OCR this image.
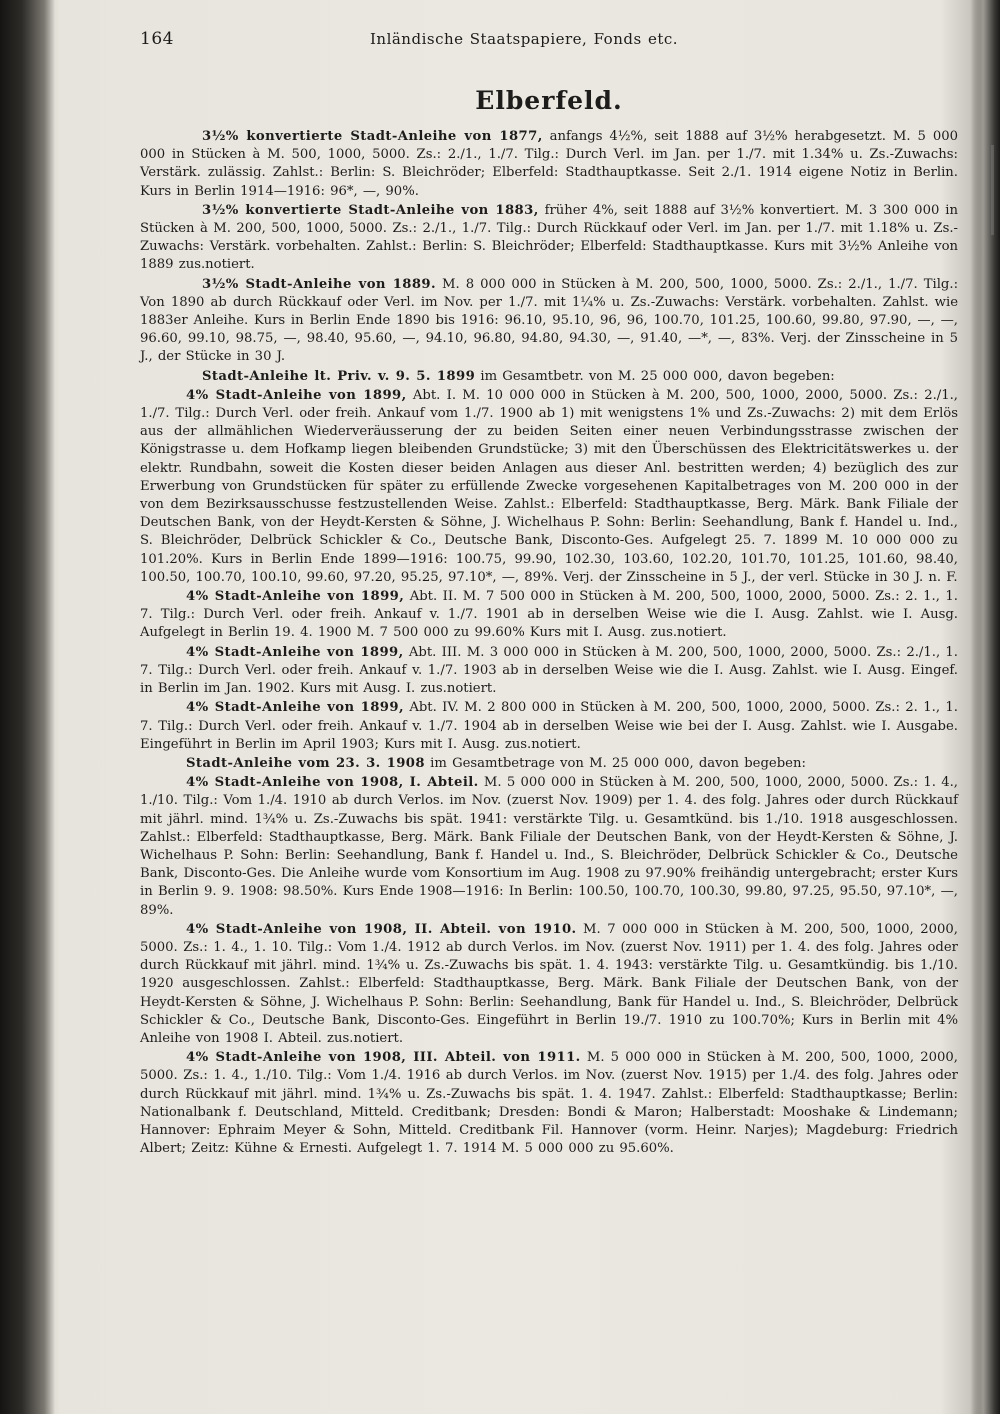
164	Inländische Staatspapiere, Fonds etc.
Elberfeld.

3½% konvertierte Stadt-Anleihe von 1877, anfangs 4½%, seit 1888 auf 3½% herabgesetzt. M. 5 000 000 in Stücken à M. 500, 1000, 5000. Zs.: 2./1., 1./7. Tilg.: Durch Verl. im Jan. per 1./7. mit 1.34% u. Zs.-Zuwachs: Verstärk. zulässig. Zahlst.: Berlin: S. Bleichröder; Elberfeld: Stadthauptkasse. Seit 2./1. 1914 eigene Notiz in Berlin. Kurs in Berlin 1914—1916: 96*, —, 90%.

3½% konvertierte Stadt-Anleihe von 1883, früher 4%, seit 1888 auf 3½% konvertiert. M. 3 300 000 in Stücken à M. 200, 500, 1000, 5000. Zs.: 2./1., 1./7. Tilg.: Durch Rückkauf oder Verl. im Jan. per 1./7. mit 1.18% u. Zs.-Zuwachs: Verstärk. vorbehalten. Zahlst.: Berlin: S. Bleichröder; Elberfeld: Stadthauptkasse. Kurs mit 3½% Anleihe von 1889 zus.notiert.

3½% Stadt-Anleihe von 1889. M. 8 000 000 in Stücken à M. 200, 500, 1000, 5000. Zs.: 2./1., 1./7. Tilg.: Von 1890 ab durch Rückkauf oder Verl. im Nov. per 1./7. mit 1¼% u. Zs.-Zuwachs: Verstärk. vorbehalten. Zahlst. wie 1883er Anleihe. Kurs in Berlin Ende 1890 bis 1916: 96.10, 95.10, 96, 96, 100.70, 101.25, 100.60, 99.80, 97.90, —, —, 96.60, 99.10, 98.75, —, 98.40, 95.60, —, 94.10, 96.80, 94.80, 94.30, —, 91.40, —*, —, 83%. Verj. der Zinsscheine in 5 J., der Stücke in 30 J.

Stadt-Anleihe lt. Priv. v. 9. 5. 1899 im Gesamtbetr. von M. 25 000 000, davon begeben:

4% Stadt-Anleihe von 1899, Abt. I. M. 10 000 000 in Stücken à M. 200, 500, 1000, 2000, 5000. Zs.: 2./1., 1./7. Tilg.: Durch Verl. oder freih. Ankauf vom 1./7. 1900 ab 1) mit wenigstens 1% und Zs.-Zuwachs: 2) mit dem Erlös aus der allmählichen Wiederveräusserung der zu beiden Seiten einer neuen Verbindungsstrasse zwischen der Königstrasse u. dem Hofkamp liegen bleibenden Grundstücke; 3) mit den Überschüssen des Elektricitätswerkes u. der elektr. Rundbahn, soweit die Kosten dieser beiden Anlagen aus dieser Anl. bestritten werden; 4) bezüglich des zur Erwerbung von Grundstücken für später zu erfüllende Zwecke vorgesehenen Kapitalbetrages von M. 200 000 in der von dem Bezirksausschusse festzustellenden Weise. Zahlst.: Elberfeld: Stadthauptkasse, Berg. Märk. Bank Filiale der Deutschen Bank, von der Heydt-Kersten & Söhne, J. Wichelhaus P. Sohn: Berlin: Seehandlung, Bank f. Handel u. Ind., S. Bleichröder, Delbrück Schickler & Co., Deutsche Bank, Disconto-Ges. Aufgelegt 25. 7. 1899 M. 10 000 000 zu 101.20%. Kurs in Berlin Ende 1899—1916: 100.75, 99.90, 102.30, 103.60, 102.20, 101.70, 101.25, 101.60, 98.40, 100.50, 100.70, 100.10, 99.60, 97.20, 95.25, 97.10*, —, 89%. Verj. der Zinsscheine in 5 J., der verl. Stücke in 30 J. n. F.

4% Stadt-Anleihe von 1899, Abt. II. M. 7 500 000 in Stücken à M. 200, 500, 1000, 2000, 5000. Zs.: 2. 1., 1. 7. Tilg.: Durch Verl. oder freih. Ankauf v. 1./7. 1901 ab in derselben Weise wie die I. Ausg. Zahlst. wie I. Ausg. Aufgelegt in Berlin 19. 4. 1900 M. 7 500 000 zu 99.60% Kurs mit I. Ausg. zus.notiert.

4% Stadt-Anleihe von 1899, Abt. III. M. 3 000 000 in Stücken à M. 200, 500, 1000, 2000, 5000. Zs.: 2./1., 1. 7. Tilg.: Durch Verl. oder freih. Ankauf v. 1./7. 1903 ab in derselben Weise wie die I. Ausg. Zahlst. wie I. Ausg. Eingef. in Berlin im Jan. 1902. Kurs mit Ausg. I. zus.notiert.

4% Stadt-Anleihe von 1899, Abt. IV. M. 2 800 000 in Stücken à M. 200, 500, 1000, 2000, 5000. Zs.: 2. 1., 1. 7. Tilg.: Durch Verl. oder freih. Ankauf v. 1./7. 1904 ab in derselben Weise wie bei der I. Ausg. Zahlst. wie I. Ausgabe. Eingeführt in Berlin im April 1903; Kurs mit I. Ausg. zus.notiert.

Stadt-Anleihe vom 23. 3. 1908 im Gesamtbetrage von M. 25 000 000, davon begeben:

4% Stadt-Anleihe von 1908, I. Abteil. M. 5 000 000 in Stücken à M. 200, 500, 1000, 2000, 5000. Zs.: 1. 4., 1./10. Tilg.: Vom 1./4. 1910 ab durch Verlos. im Nov. (zuerst Nov. 1909) per 1. 4. des folg. Jahres oder durch Rückkauf mit jährl. mind. 1¾% u. Zs.-Zuwachs bis spät. 1941: verstärkte Tilg. u. Gesamtkünd. bis 1./10. 1918 ausgeschlossen. Zahlst.: Elberfeld: Stadthauptkasse, Berg. Märk. Bank Filiale der Deutschen Bank, von der Heydt-Kersten & Söhne, J. Wichelhaus P. Sohn: Berlin: Seehandlung, Bank f. Handel u. Ind., S. Bleichröder, Delbrück Schickler & Co., Deutsche Bank, Disconto-Ges. Die Anleihe wurde vom Konsortium im Aug. 1908 zu 97.90% freihändig untergebracht; erster Kurs in Berlin 9. 9. 1908: 98.50%. Kurs Ende 1908—1916: In Berlin: 100.50, 100.70, 100.30, 99.80, 97.25, 95.50, 97.10*, —, 89%.

4% Stadt-Anleihe von 1908, II. Abteil. von 1910. M. 7 000 000 in Stücken à M. 200, 500, 1000, 2000, 5000. Zs.: 1. 4., 1. 10. Tilg.: Vom 1./4. 1912 ab durch Verlos. im Nov. (zuerst Nov. 1911) per 1. 4. des folg. Jahres oder durch Rückkauf mit jährl. mind. 1¾% u. Zs.-Zuwachs bis spät. 1. 4. 1943: verstärkte Tilg. u. Gesamtkündig. bis 1./10. 1920 ausgeschlossen. Zahlst.: Elberfeld: Stadthauptkasse, Berg. Märk. Bank Filiale der Deutschen Bank, von der Heydt-Kersten & Söhne, J. Wichelhaus P. Sohn: Berlin: Seehandlung, Bank für Handel u. Ind., S. Bleichröder, Delbrück Schickler & Co., Deutsche Bank, Disconto-Ges. Eingeführt in Berlin 19./7. 1910 zu 100.70%; Kurs in Berlin mit 4% Anleihe von 1908 I. Abteil. zus.notiert.

4% Stadt-Anleihe von 1908, III. Abteil. von 1911. M. 5 000 000 in Stücken à M. 200, 500, 1000, 2000, 5000. Zs.: 1. 4., 1./10. Tilg.: Vom 1./4. 1916 ab durch Verlos. im Nov. (zuerst Nov. 1915) per 1./4. des folg. Jahres oder durch Rückkauf mit jährl. mind. 1¾% u. Zs.-Zuwachs bis spät. 1. 4. 1947. Zahlst.: Elberfeld: Stadthauptkasse; Berlin: Nationalbank f. Deutschland, Mitteld. Creditbank; Dresden: Bondi & Maron; Halberstadt: Mooshake & Lindemann; Hannover: Ephraim Meyer & Sohn, Mitteld. Creditbank Fil. Hannover (vorm. Heinr. Narjes); Magdeburg: Friedrich Albert; Zeitz: Kühne & Ernesti. Aufgelegt 1. 7. 1914 M. 5 000 000 zu 95.60%.
